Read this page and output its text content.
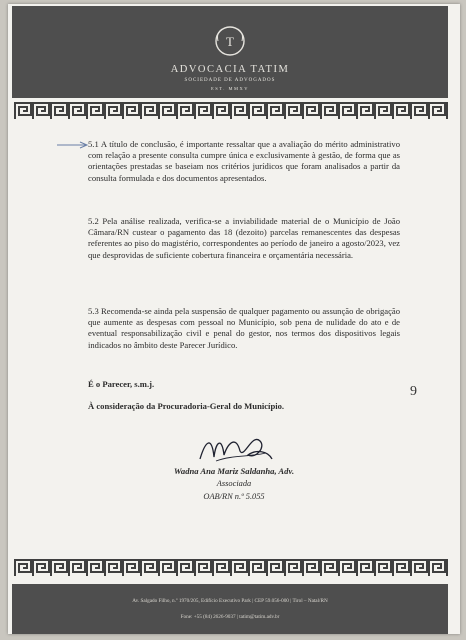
T
ADVOCACIA TATIM
SOCIEDADE DE ADVOGADOS
EST. MMXV
5.1 A título de conclusão, é importante ressaltar que a avaliação do mérito administrativo com relação a presente consulta cumpre única e exclusivamente à gestão, de forma que as orientações prestadas se baseiam nos critérios jurídicos que foram analisados a partir da consulta formulada e dos documentos apresentados.
5.2 Pela análise realizada, verifica-se a inviabilidade material de o Município de João Câmara/RN custear o pagamento das 18 (dezoito) parcelas remanescentes das despesas referentes ao piso do magistério, correspondentes ao período de janeiro a agosto/2023, vez que desprovidas de suficiente cobertura financeira e orçamentária necessária.
5.3 Recomenda-se ainda pela suspensão de qualquer pagamento ou assunção de obrigação que aumente as despesas com pessoal no Município, sob pena de nulidade do ato e de eventual responsabilização civil e penal do gestor, nos termos dos dispositivos legais indicados no âmbito deste Parecer Jurídico.
É o Parecer, s.m.j.
À consideração da Procuradoria-Geral do Município.
9
Wadna Ana Mariz Saldanha, Adv.
Associada
OAB/RN n.º 5.055
Av. Salgado Filho, n.º 1970/205, Edifício Executivo Park | CEP 59.056-000 | Tirol – Natal/RN
Fone: +55 (84) 2626-9037 | tatim@tatim.adv.br
